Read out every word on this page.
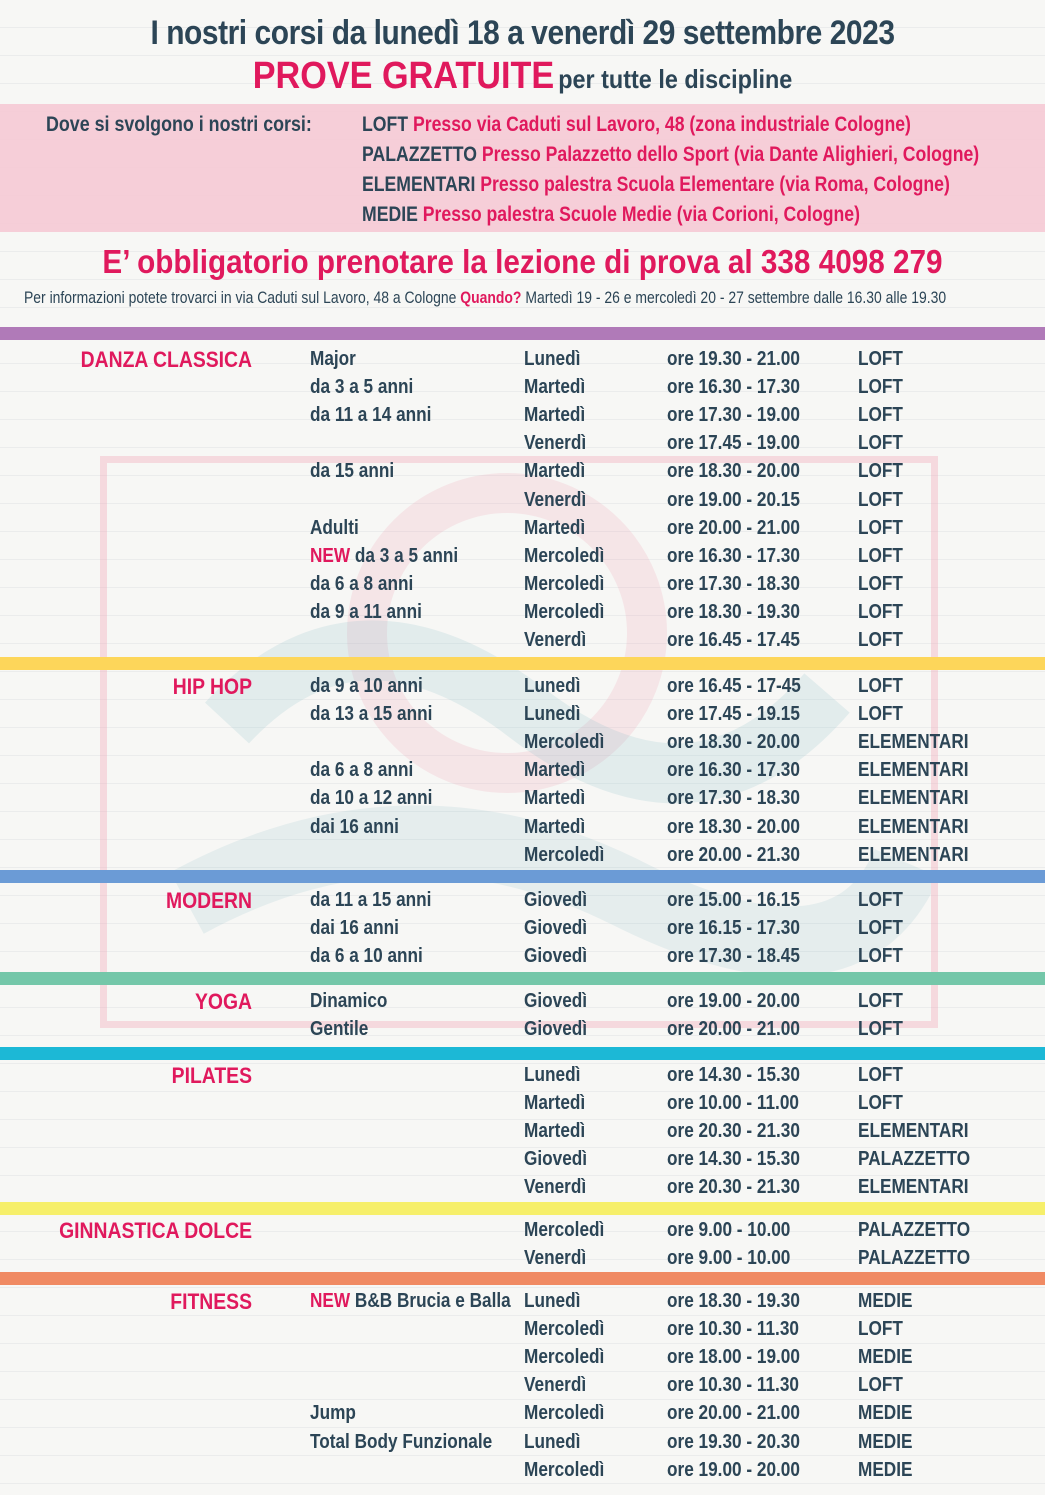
I nostri corsi da lunedì 18 a venerdì 29 settembre 2023
PROVE GRATUITE per tutte le discipline
Dove si svolgono i nostri corsi: LOFT Presso via Caduti sul Lavoro, 48 (zona industriale Cologne)
PALAZZETTO Presso Palazzetto dello Sport (via Dante Alighieri, Cologne)
ELEMENTARI Presso palestra Scuola Elementare (via Roma, Cologne)
MEDIE Presso palestra Scuole Medie (via Corioni, Cologne)
E’ obbligatorio prenotare la lezione di prova al 338 4098 279
Per informazioni potete trovarci in via Caduti sul Lavoro, 48 a Cologne Quando? Martedì 19 - 26 e mercoledì 20 - 27 settembre dalle 16.30 alle 19.30
DANZA CLASSICA	Major	Lunedì	ore 19.30 - 21.00	LOFT
da 3 a 5 anni	Martedì	ore 16.30 - 17.30	LOFT
da 11 a 14 anni	Martedì	ore 17.30 - 19.00	LOFT
Venerdì	ore 17.45 - 19.00	LOFT
da 15 anni	Martedì	ore 18.30 - 20.00	LOFT
Venerdì	ore 19.00 - 20.15	LOFT
Adulti	Martedì	ore 20.00 - 21.00	LOFT
NEW da 3 a 5 anni	Mercoledì	ore 16.30 - 17.30	LOFT
da 6 a 8 anni	Mercoledì	ore 17.30 - 18.30	LOFT
da 9 a 11 anni	Mercoledì	ore 18.30 - 19.30	LOFT
Venerdì	ore 16.45 - 17.45	LOFT
HIP HOP	da 9 a 10 anni	Lunedì	ore 16.45 - 17-45	LOFT
da 13 a 15 anni	Lunedì	ore 17.45 - 19.15	LOFT
Mercoledì	ore 18.30 - 20.00	ELEMENTARI
da 6 a 8 anni	Martedì	ore 16.30 - 17.30	ELEMENTARI
da 10 a 12 anni	Martedì	ore 17.30 - 18.30	ELEMENTARI
dai 16 anni	Martedì	ore 18.30 - 20.00	ELEMENTARI
Mercoledì	ore 20.00 - 21.30	ELEMENTARI
MODERN	da 11 a 15 anni	Giovedì	ore 15.00 - 16.15	LOFT
dai 16 anni	Giovedì	ore 16.15 - 17.30	LOFT
da 6 a 10 anni	Giovedì	ore 17.30 - 18.45	LOFT
YOGA	Dinamico	Giovedì	ore 19.00 - 20.00	LOFT
Gentile	Giovedì	ore 20.00 - 21.00	LOFT
PILATES	Lunedì	ore 14.30 - 15.30	LOFT
Martedì	ore 10.00 - 11.00	LOFT
Martedì	ore 20.30 - 21.30	ELEMENTARI
Giovedì	ore 14.30 - 15.30	PALAZZETTO
Venerdì	ore 20.30 - 21.30	ELEMENTARI
GINNASTICA DOLCE	Mercoledì	ore 9.00 - 10.00	PALAZZETTO
Venerdì	ore 9.00 - 10.00	PALAZZETTO
FITNESS	NEW B&B Brucia e Balla Lunedì	ore 18.30 - 19.30	MEDIE
Mercoledì	ore 10.30 - 11.30	LOFT
Mercoledì	ore 18.00 - 19.00	MEDIE
Venerdì	ore 10.30 - 11.30	LOFT
Jump	Mercoledì	ore 20.00 - 21.00	MEDIE
Total Body Funzionale Lunedì	ore 19.30 - 20.30	MEDIE
Mercoledì	ore 19.00 - 20.00	MEDIE
